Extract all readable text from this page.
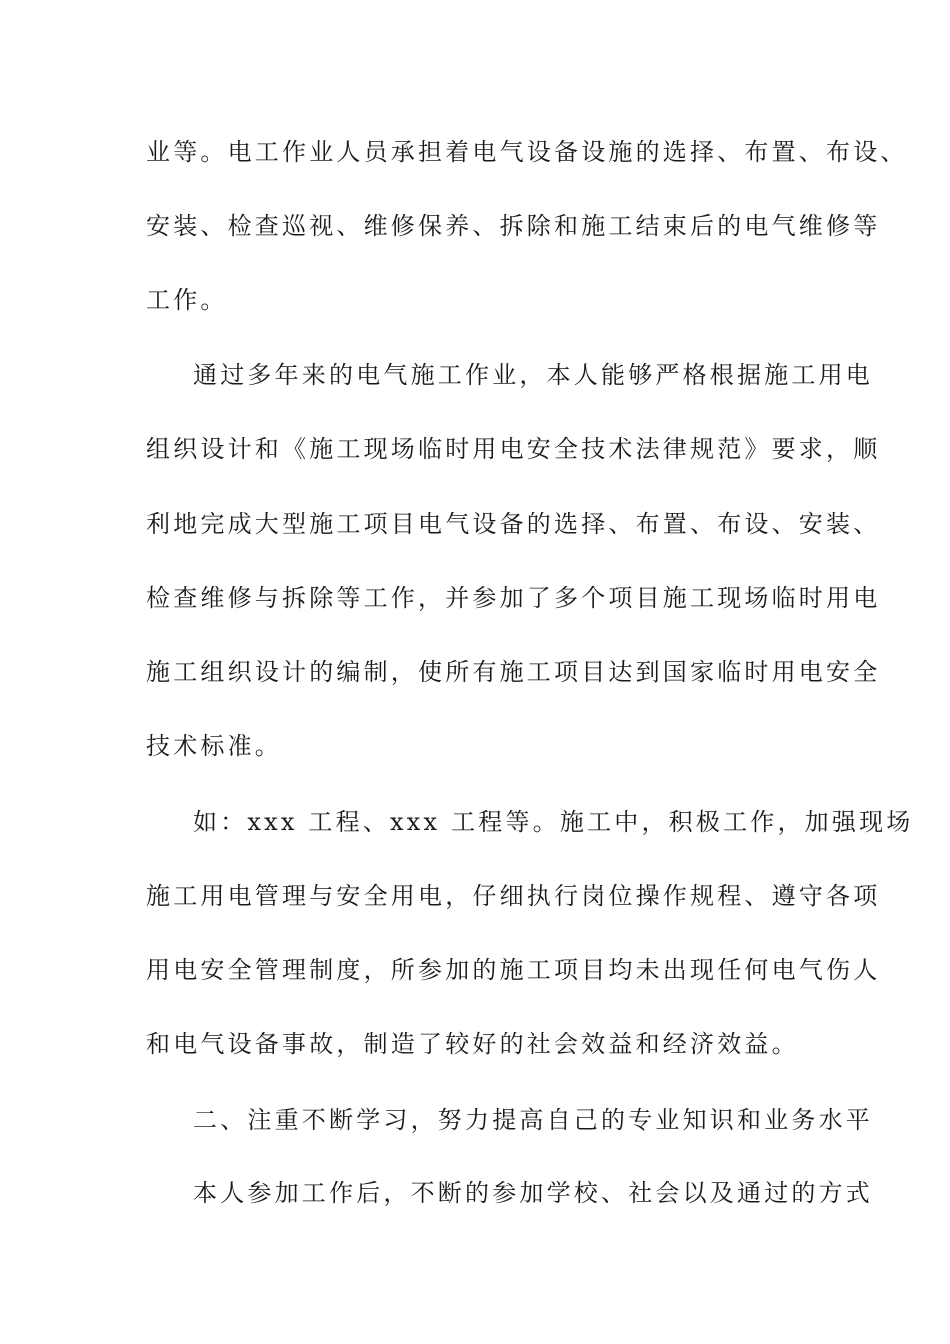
业等。电工作业人员承担着电气设备设施的选择、布置、布设、
安装、检查巡视、维修保养、拆除和施工结束后的电气维修等
工作。
通过多年来的电气施工作业，本人能够严格根据施工用电
组织设计和《施工现场临时用电安全技术法律规范》要求，顺
利地完成大型施工项目电气设备的选择、布置、布设、安装、
检查维修与拆除等工作，并参加了多个项目施工现场临时用电
施工组织设计的编制，使所有施工项目达到国家临时用电安全
技术标准。
如：xxx 工程、xxx 工程等。施工中，积极工作，加强现场
施工用电管理与安全用电，仔细执行岗位操作规程、遵守各项
用电安全管理制度，所参加的施工项目均未出现任何电气伤人
和电气设备事故，制造了较好的社会效益和经济效益。
二、注重不断学习，努力提高自己的专业知识和业务水平
本人参加工作后，不断的参加学校、社会以及通过的方式
